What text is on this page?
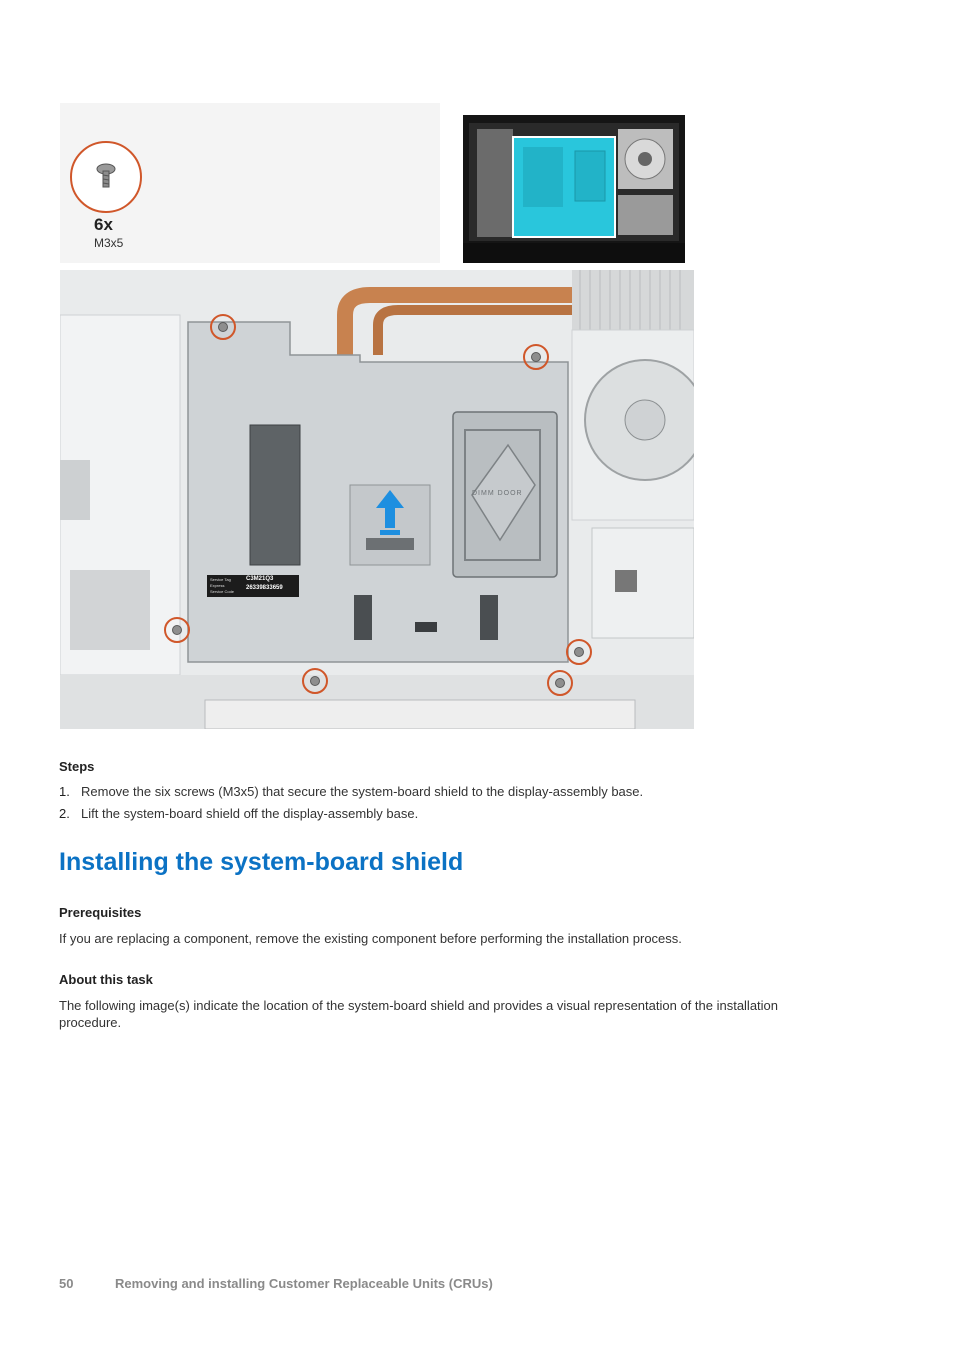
6x
M3x5
C3M21Q3
26339833659
Service Tag
Express
Service Code
DIMM DOOR
Steps
1. Remove the six screws (M3x5) that secure the system-board shield to the display-assembly base.
2. Lift the system-board shield off the display-assembly base.
Installing the system-board shield
Prerequisites
If you are replacing a component, remove the existing component before performing the installation process.
About this task
The following image(s) indicate the location of the system-board shield and provides a visual representation of the installation
procedure.
50	Removing and installing Customer Replaceable Units (CRUs)
